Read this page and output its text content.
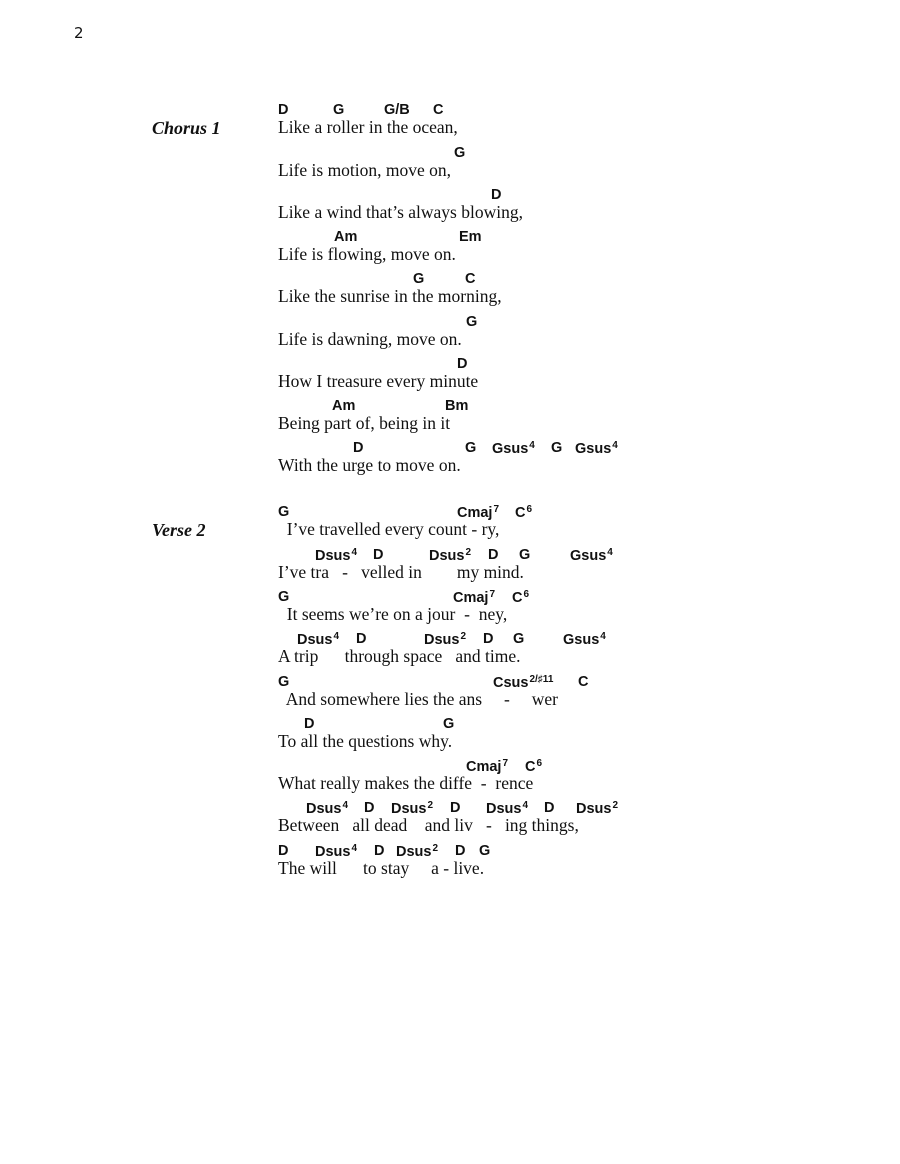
2
Chorus 1
D	G	G/B C
Like a roller in the ocean,
G
Life is motion, move on,
D
Like a wind that’s always blowing,
Am	Em
Life is flowing, move on.
G	C
Like the sunrise in the morning,
G
Life is dawning, move on.
D
How I treasure every minute
Am	Bm
Being part of, being in it
D	G Gsus$^4$ G Gsus$^4$
With the urge to move on.
Verse 2
G	Cmaj$^7$ $C^6$
I’ve travelled every count - ry,
Dsus$^4$ D	Dsus$^2$ D G	Gsus$^4$
I’ve tra   -   velled in        my mind.
G	Cmaj$^7$ $C^6$
It seems we’re on a jour  -  ney,
Dsus$^4$ D	Dsus$^2$ D G	Gsus$^4$
A trip      through space   and time.
G	Csus$^{2/♯11}$ C
And somewhere lies the ans     -     wer
D	G
To all the questions why.
Cmaj$^7$ $C^6$
What really makes the diffe  -  rence
Dsus$^4$ D Dsus$^2$ D Dsus$^4$ D Dsus$^2$
Between   all dead    and liv   -   ing things,
D Dsus$^4$ D Dsus$^2$ D G
The will      to stay     a - live.
